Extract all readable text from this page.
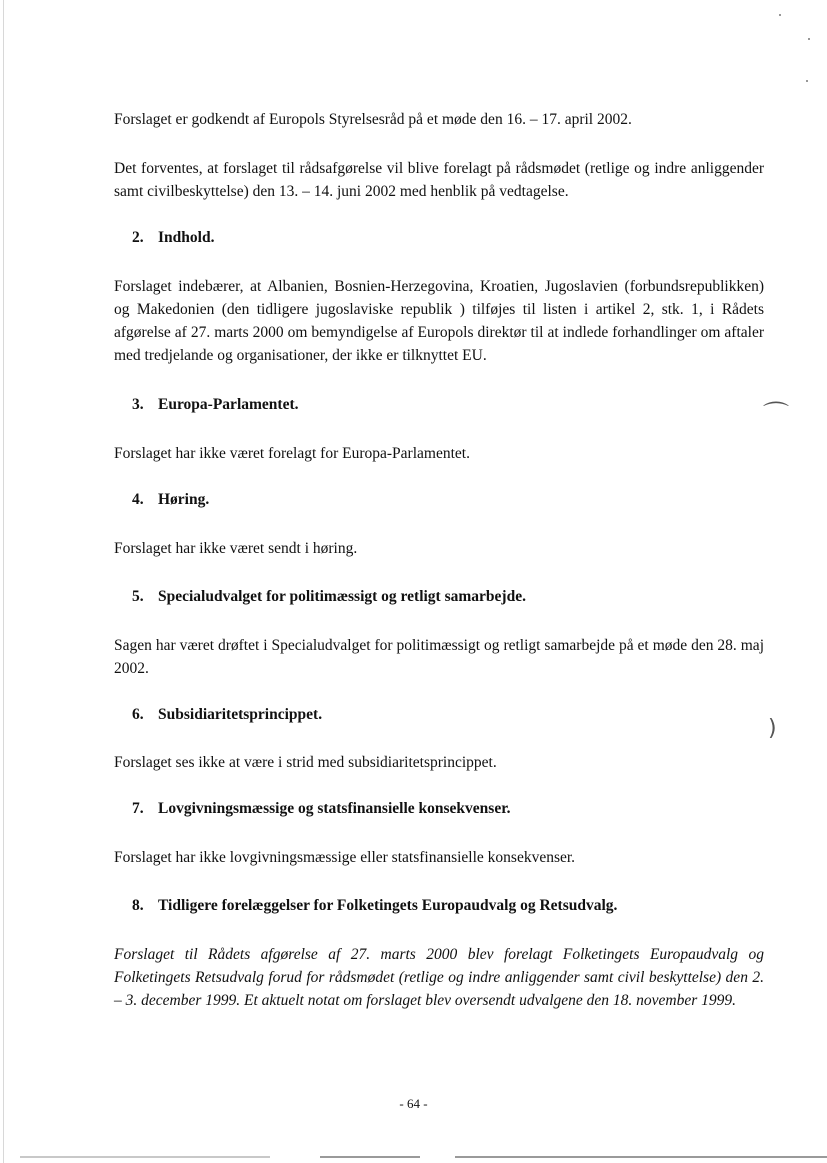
⌒
)

Forslaget er godkendt af Europols Styrelsesråd på et møde den 16. – 17. april 2002.

Det forventes, at forslaget til rådsafgørelse vil blive forelagt på rådsmødet (retlige og indre anliggender samt civilbeskyttelse) den 13. – 14. juni 2002 med henblik på vedtagelse.

2. Indhold.

Forslaget indebærer, at Albanien, Bosnien-Herzegovina, Kroatien, Jugoslavien (forbundsrepublikken) og Makedonien (den tidligere jugoslaviske republik ) tilføjes til listen i artikel 2, stk. 1, i Rådets afgørelse af 27. marts 2000 om bemyndigelse af Europols direktør til at indlede forhandlinger om aftaler med tredjelande og organisationer, der ikke er tilknyttet EU.

3. Europa-Parlamentet.

Forslaget har ikke været forelagt for Europa-Parlamentet.

4. Høring.

Forslaget har ikke været sendt i høring.

5. Specialudvalget for politimæssigt og retligt samarbejde.

Sagen har været drøftet i Specialudvalget for politimæssigt og retligt samarbejde på et møde den 28. maj 2002.

6. Subsidiaritetsprincippet.

Forslaget ses ikke at være i strid med subsidiaritetsprincippet.

7. Lovgivningsmæssige og statsfinansielle konsekvenser.

Forslaget har ikke lovgivningsmæssige eller statsfinansielle konsekvenser.

8. Tidligere forelæggelser for Folketingets Europaudvalg og Retsudvalg.

Forslaget til Rådets afgørelse af 27. marts 2000 blev forelagt Folketingets Europaudvalg og Folketingets Retsudvalg forud for rådsmødet (retlige og indre anliggender samt civil beskyttelse) den 2. – 3. december 1999. Et aktuelt notat om forslaget blev oversendt udvalgene den 18. november 1999.

- 64 -
